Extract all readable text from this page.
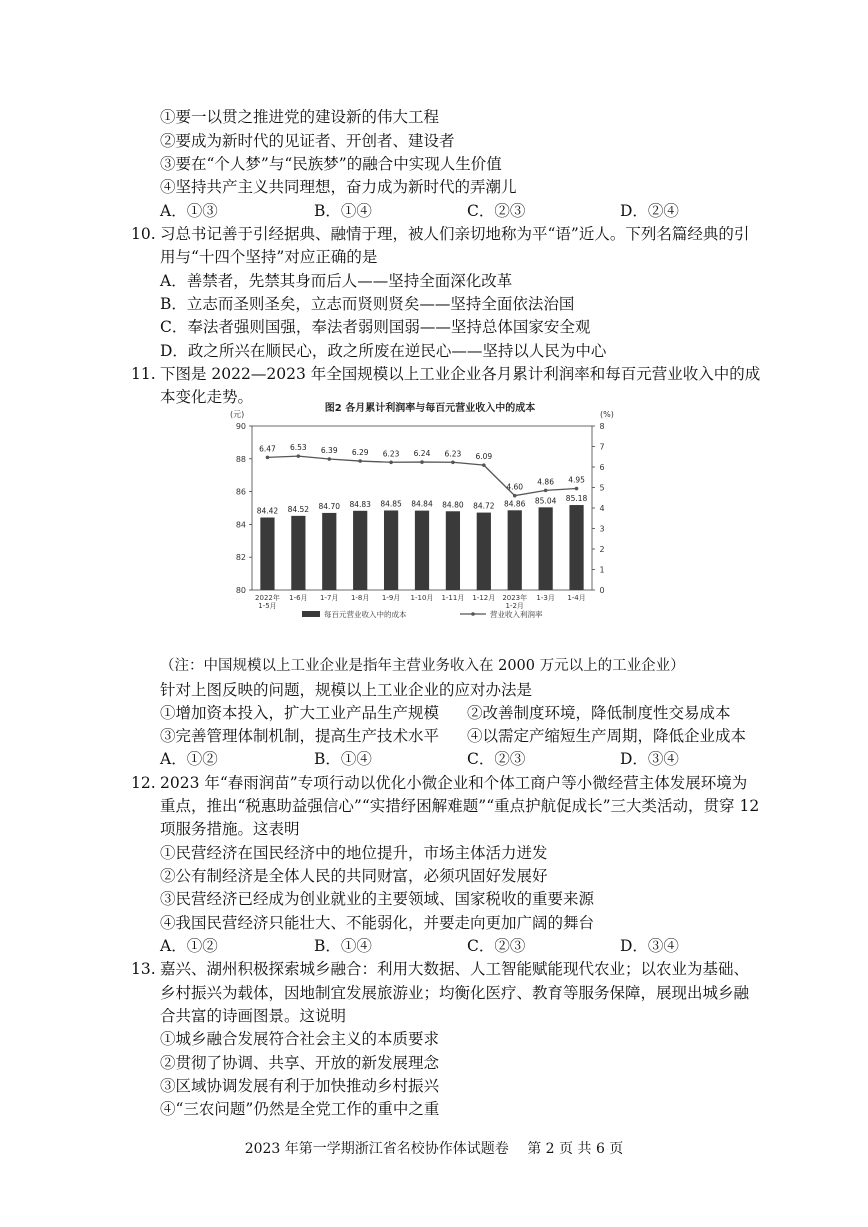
①要一以贯之推进党的建设新的伟大工程
②要成为新时代的见证者、开创者、建设者
③要在“个人梦”与“民族梦”的融合中实现人生价值
④坚持共产主义共同理想，奋力成为新时代的弄潮儿
A．①③	B．①④	C．②③	D．②④
10. 习总书记善于引经据典、融情于理，被人们亲切地称为平“语”近人。下列名篇经典的引
用与“十四个坚持”对应正确的是
A．善禁者，先禁其身而后人——坚持全面深化改革
B．立志而圣则圣矣，立志而贤则贤矣——坚持全面依法治国
C．奉法者强则国强，奉法者弱则国弱——坚持总体国家安全观
D．政之所兴在顺民心，政之所废在逆民心——坚持以人民为中心
11. 下图是 2022—2023 年全国规模以上工业企业各月累计利润率和每百元营业收入中的成
本变化走势。
图2 各月累计利润率与每百元营业收入中的成本
(元)	(%)
80
82
84
86
88
90
0
1
2
3
4
5
6
7
8
2022年
1-5月
84.42
1-6月
84.52
1-7月
84.70
1-8月
84.83
1-9月
84.85
1-10月
84.84
1-11月
84.80
1-12月
84.72
2023年
1-2月
84.86
1-3月
85.04
1-4月
85.18
6.47 6.53 6.39 6.29 6.23 6.24 6.23 6.09
4.60
4.86 4.95
每百元营业收入中的成本	营业收入利润率
（注：中国规模以上工业企业是指年主营业务收入在 2000 万元以上的工业企业）
针对上图反映的问题，规模以上工业企业的应对办法是
①增加资本投入，扩大工业产品生产规模 ②改善制度环境，降低制度性交易成本
③完善管理体制机制，提高生产技术水平 ④以需定产缩短生产周期，降低企业成本
A．①②	B．①④	C．②③	D．③④
12. 2023 年“春雨润苗”专项行动以优化小微企业和个体工商户等小微经营主体发展环境为
重点，推出“税惠助益强信心”“实措纾困解难题”“重点护航促成长”三大类活动，贯穿 12
项服务措施。这表明
①民营经济在国民经济中的地位提升，市场主体活力迸发
②公有制经济是全体人民的共同财富，必须巩固好发展好
③民营经济已经成为创业就业的主要领域、国家税收的重要来源
④我国民营经济只能壮大、不能弱化，并要走向更加广阔的舞台
A．①②	B．①④	C．②③	D．③④
13. 嘉兴、湖州积极探索城乡融合：利用大数据、人工智能赋能现代农业；以农业为基础、
乡村振兴为载体，因地制宜发展旅游业；均衡化医疗、教育等服务保障，展现出城乡融
合共富的诗画图景。这说明
①城乡融合发展符合社会主义的本质要求
②贯彻了协调、共享、开放的新发展理念
③区域协调发展有利于加快推动乡村振兴
④“三农问题”仍然是全党工作的重中之重
2023 年第一学期浙江省名校协作体试题卷　 第 2 页 共 6 页
